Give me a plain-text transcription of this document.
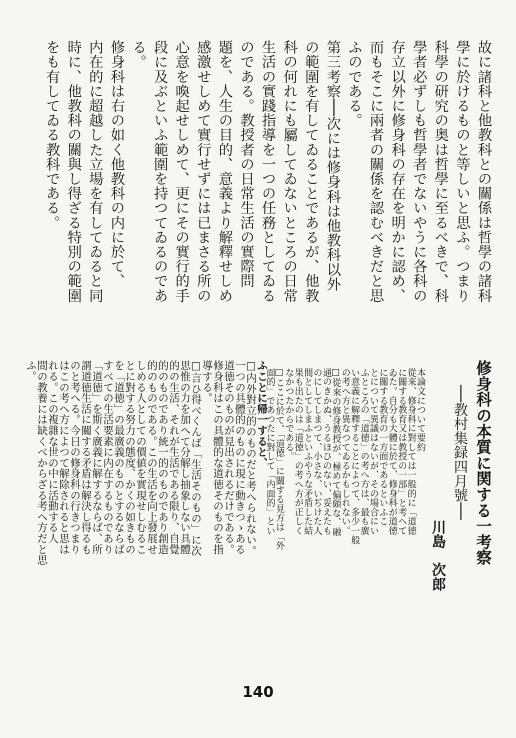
ふことに帰一すると、
□内外對立的のものだと考へられない。
一つの具體的のものに現に動きつゝある
道徳そのものが見出されるだけである。
修身科はこの具體的な道徳そのものを指
導する。
□言ひ得べくんば「生活そのもの」に次
思惟の力を加へて分解し抽象しない具體
的の生活、それが生活である限り、自覺
的のものであり統一的のものであり創造
的のものである。この生活を向上發展せ
しめる人としての價値を實現せしむるこ
とに對する努力の態度、かくの如きもの
を「道徳」の最廣義のものとするならば
すべての生活要素に内在するものであり
「道徳」を斯く廣義に解するならば、所
謂道徳生活に關する矛盾は解決し得るも
のと考へる。今日の修身科の行きつまり
はこの考へ方によつて解除されると思は
れる。この複雜な世の中に活動する人
間の教養には缺くべからざる考へ方だと思
ふ。	修身科の本質に関する一考察
──教村集録四月號──
川島　次郎
本論文について要約
從來、修身科に對しては一般的に「道徳
に關する教育又は教授の一部」と考へて
ゐた。自分も大體に於て、修身科が道徳
に關する教育の一方面であるといふこ
とについて異議はないが、その場合にい
ふところの「道徳」の考へ方は、最も廣
い意義に解釋することによつて、多少一般
の考へ方と異なつてゐるかもしれない。
□從來の修身教授が、極めて偏頗な、融
通のきかぬ、うるほひのない、妥えたも
のにしてしまつて、小さな、いぢけた人
間としてしまふといふやうな矛盾した結
果も出たのは「道徳」の考へ方が正しく
なかつたからである。
□ここに於て、「道徳」に關する見方は「外
面的」であつたに對して「内面的」とい
140
故に諸科と他教科との關係は哲學の諸科
學に於けるものと等しいと思ふ。つまり
科學の研究の奥は哲學に至るべきで、科
學者必ずしも哲學者でないやうに各科の
存立以外に修身科の存在を明かに認め、
而もそこに兩者の關係を認むべきだと思
ふのである。
第三考察──次には修身科は他教科以外
の範圍を有してゐることであるが、他教
科の何れにも屬してゐないところの日常
生活の實踐指導を一つの任務としてゐる
のである。教授者の日常生活の實際問
題を、人生の目的、意義より解釋せしめ
感激せしめて實行せずには已まさる所の
心意を喚起せしめて、更にその實行的手
段に及ぶといふ範圍を持つてゐるのであ
る。
修身科は右の如く他教科の内に於て、
内在的に超越した立場を有してゐると同
時に、他教科の關與し得ざる特別の範圍
をも有してゐる教科である。
